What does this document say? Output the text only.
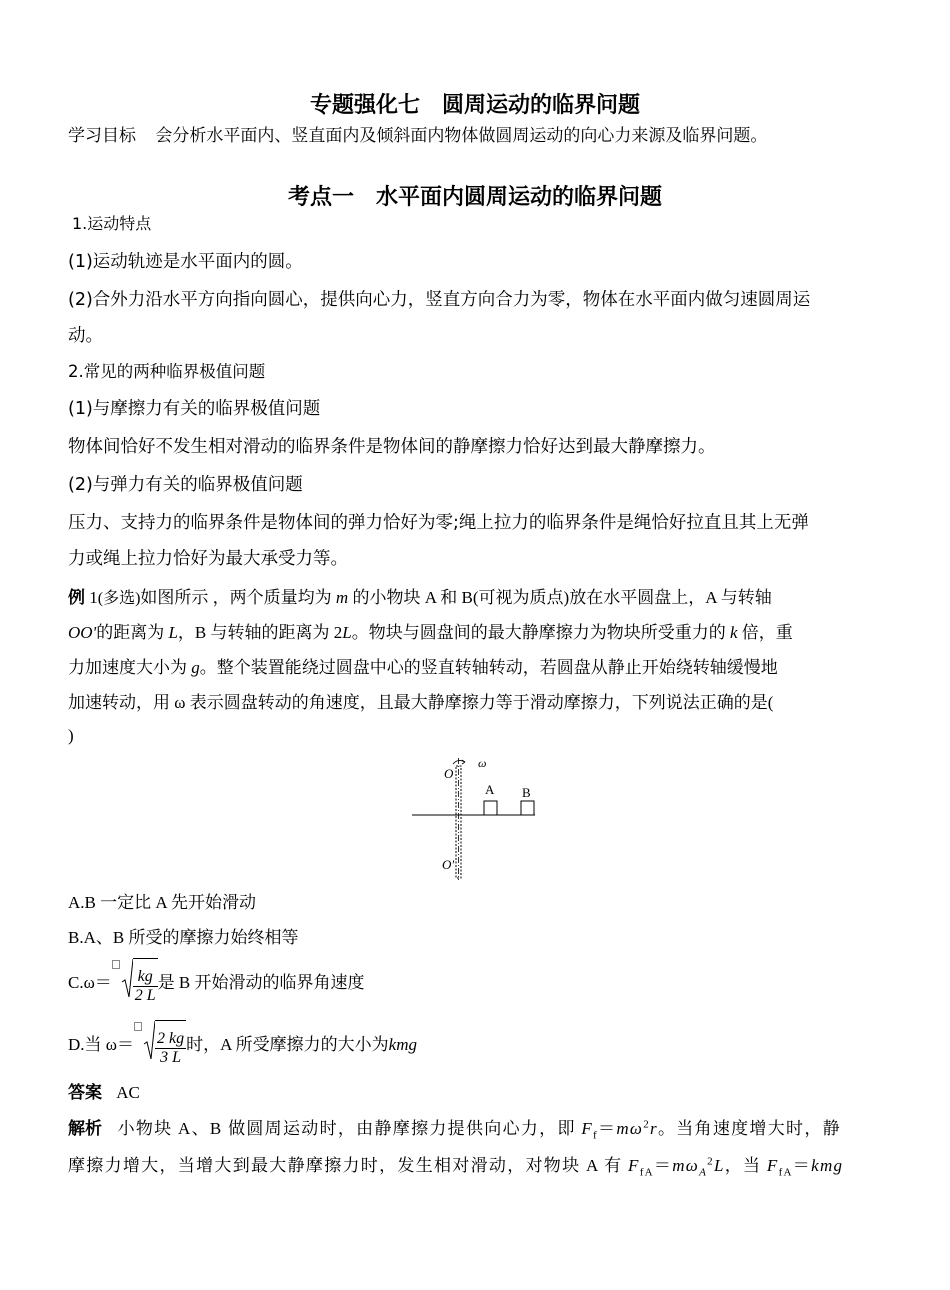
专题强化七　圆周运动的临界问题
学习目标 会分析水平面内、竖直面内及倾斜面内物体做圆周运动的向心力来源及临界问题。
考点一　水平面内圆周运动的临界问题
1.运动特点
(1)运动轨迹是水平面内的圆。
(2)合外力沿水平方向指向圆心，提供向心力，竖直方向合力为零，物体在水平面内做匀速圆周运
动。
2.常见的两种临界极值问题
(1)与摩擦力有关的临界极值问题
物体间恰好不发生相对滑动的临界条件是物体间的静摩擦力恰好达到最大静摩擦力。
(2)与弹力有关的临界极值问题
压力、支持力的临界条件是物体间的弹力恰好为零;绳上拉力的临界条件是绳恰好拉直且其上无弹
力或绳上拉力恰好为最大承受力等。
例 1(多选)如图所示 ，两个质量均为 m 的小物块 A 和 B(可视为质点)放在水平圆盘上，A 与转轴
OO'的距离为 L，B 与转轴的距离为 2L。物块与圆盘间的最大静摩擦力为物块所受重力的 k 倍，重
力加速度大小为 g。整个装置能绕过圆盘中心的竖直转轴转动，若圆盘从静止开始绕转轴缓慢地
加速转动，用 ω 表示圆盘转动的角速度，且最大静摩擦力等于滑动摩擦力，下列说法正确的是(
)
O
ω
A B
O′
A.B 一定比 A 先开始滑动
B.A、B 所受的摩擦力始终相等
$C.\omega= \frac{kg}{2 L}$ 是 B 开始滑动的临界角速度
D.当 $\omega= \frac{2 kg}{3 L}$ 时，A 所受摩擦力的大小为kmg
答案 AC
解析 小物块 A、B 做圆周运动时，由静摩擦力提供向心力，即 $F_f=m\omega^2r$。当角速度增大时，静
摩擦力增大，当增大到最大静摩擦力时，发生相对滑动，对物块 A 有 $F_{fA}=m\omega_A^2L$，当 $F_{fA}=kmg$
